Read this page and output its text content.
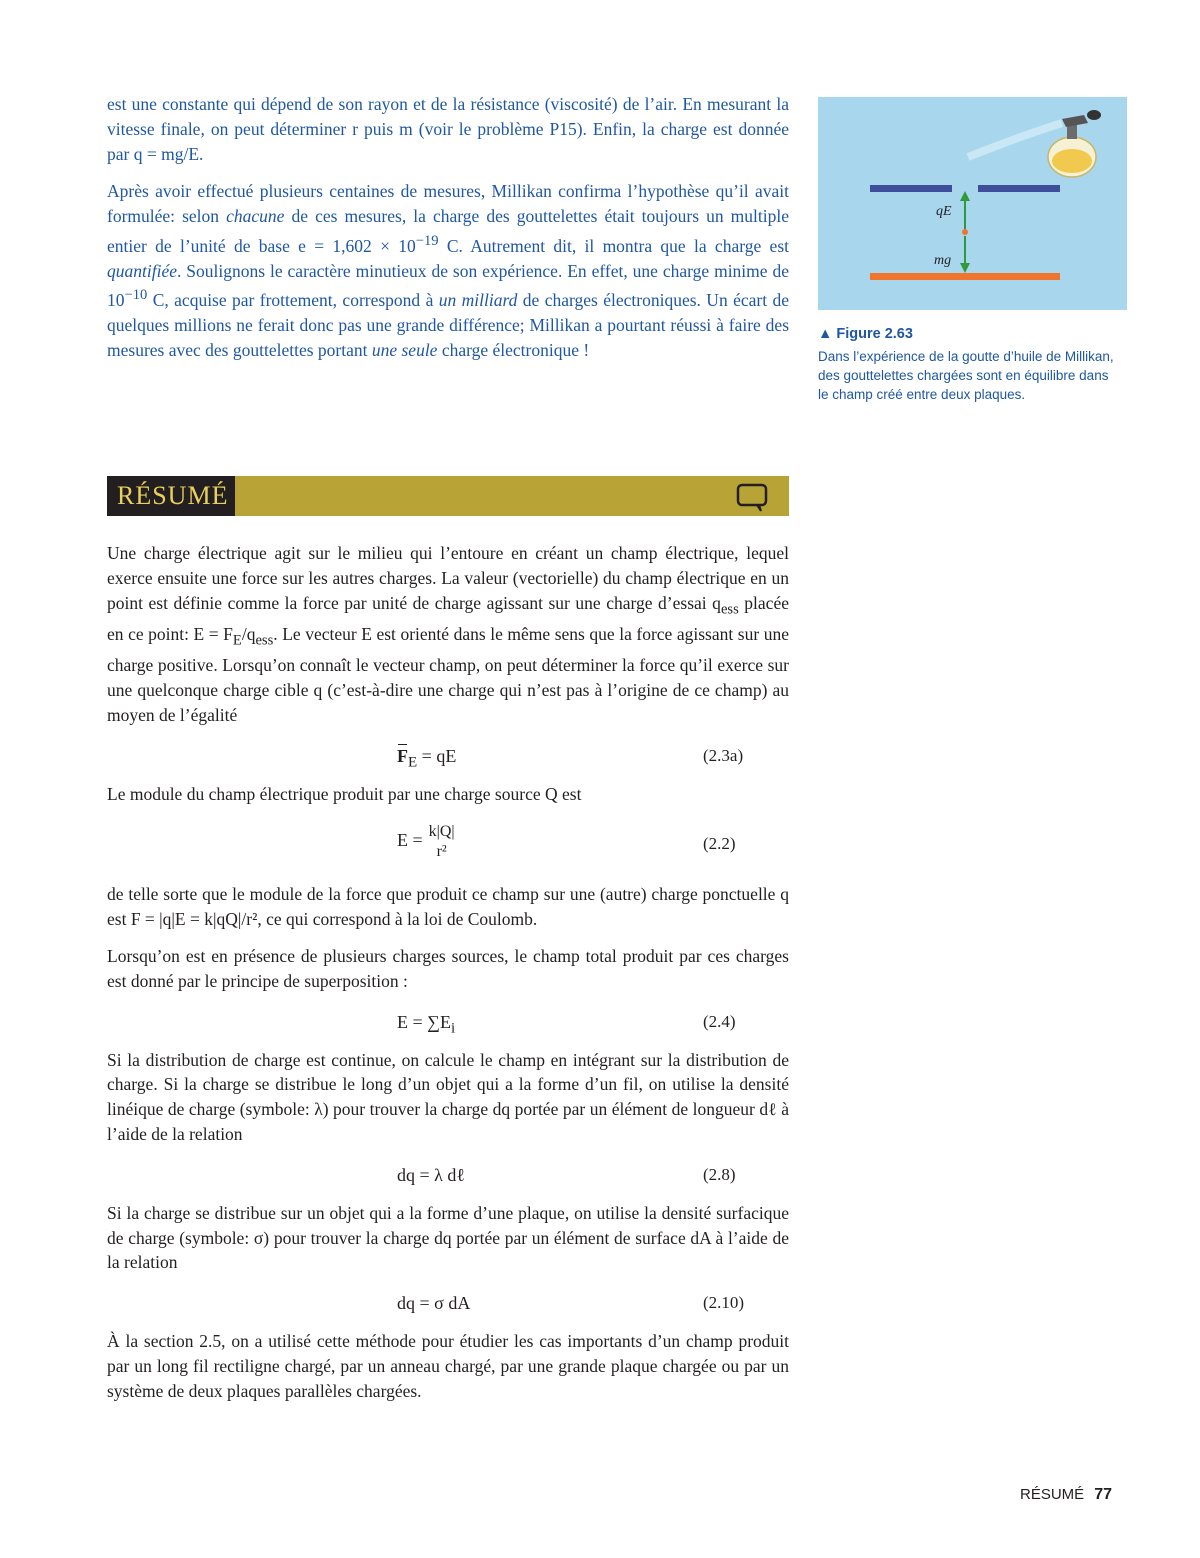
est une constante qui dépend de son rayon et de la résistance (viscosité) de l’air. En mesurant la vitesse finale, on peut déterminer r puis m (voir le problème P15). Enfin, la charge est donnée par q = mg/E.

Après avoir effectué plusieurs centaines de mesures, Millikan confirma l’hypothèse qu’il avait formulée: selon chacune de ces mesures, la charge des gouttelettes était toujours un multiple entier de l’unité de base $e = 1,602 \times 10^{-19}$ C. Autrement dit, il montra que la charge est quantifiée. Soulignons le caractère minutieux de son expérience. En effet, une charge minime de $10^{-10}$ C, acquise par frottement, correspond à un milliard de charges électroniques. Un écart de quelques millions ne ferait donc pas une grande différence; Millikan a pourtant réussi à faire des mesures avec des gouttelettes portant une seule charge électronique !

qE
mg
▲ Figure 2.63
Dans l’expérience de la goutte d’huile de Millikan, des gouttelettes chargées sont en équilibre dans le champ créé entre deux plaques.
RÉSUMÉ

Une charge électrique agit sur le milieu qui l’entoure en créant un champ électrique, lequel exerce ensuite une force sur les autres charges. La valeur (vectorielle) du champ électrique en un point est définie comme la force par unité de charge agissant sur une charge d’essai $q_{ess}$ placée en ce point: $E = F_E/q_{ess}$. Le vecteur E est orienté dans le même sens que la force agissant sur une charge positive. Lorsqu’on connaît le vecteur champ, on peut déterminer la force qu’il exerce sur une quelconque charge cible q (c’est-à-dire une charge qui n’est pas à l’origine de ce champ) au moyen de l’égalité

$F_E$ = qE	(2.3a)

Le module du champ électrique produit par une charge source Q est

E = k|Q|
r²	(2.2)

de telle sorte que le module de la force que produit ce champ sur une (autre) charge ponctuelle q est F = |q|E = k|qQ|/r², ce qui correspond à la loi de Coulomb.

Lorsqu’on est en présence de plusieurs charges sources, le champ total produit par ces charges est donné par le principe de superposition :

$E = \sum E_i$	(2.4)

Si la distribution de charge est continue, on calcule le champ en intégrant sur la distribution de charge. Si la charge se distribue le long d’un objet qui a la forme d’un fil, on utilise la densité linéique de charge (symbole: λ) pour trouver la charge dq portée par un élément de longueur dℓ à l’aide de la relation

dq = λ dℓ	(2.8)

Si la charge se distribue sur un objet qui a la forme d’une plaque, on utilise la densité surfacique de charge (symbole: σ) pour trouver la charge dq portée par un élément de surface dA à l’aide de la relation

dq = σ dA	(2.10)

À la section 2.5, on a utilisé cette méthode pour étudier les cas importants d’un champ produit par un long fil rectiligne chargé, par un anneau chargé, par une grande plaque chargée ou par un système de deux plaques parallèles chargées.

RÉSUMÉ 77
